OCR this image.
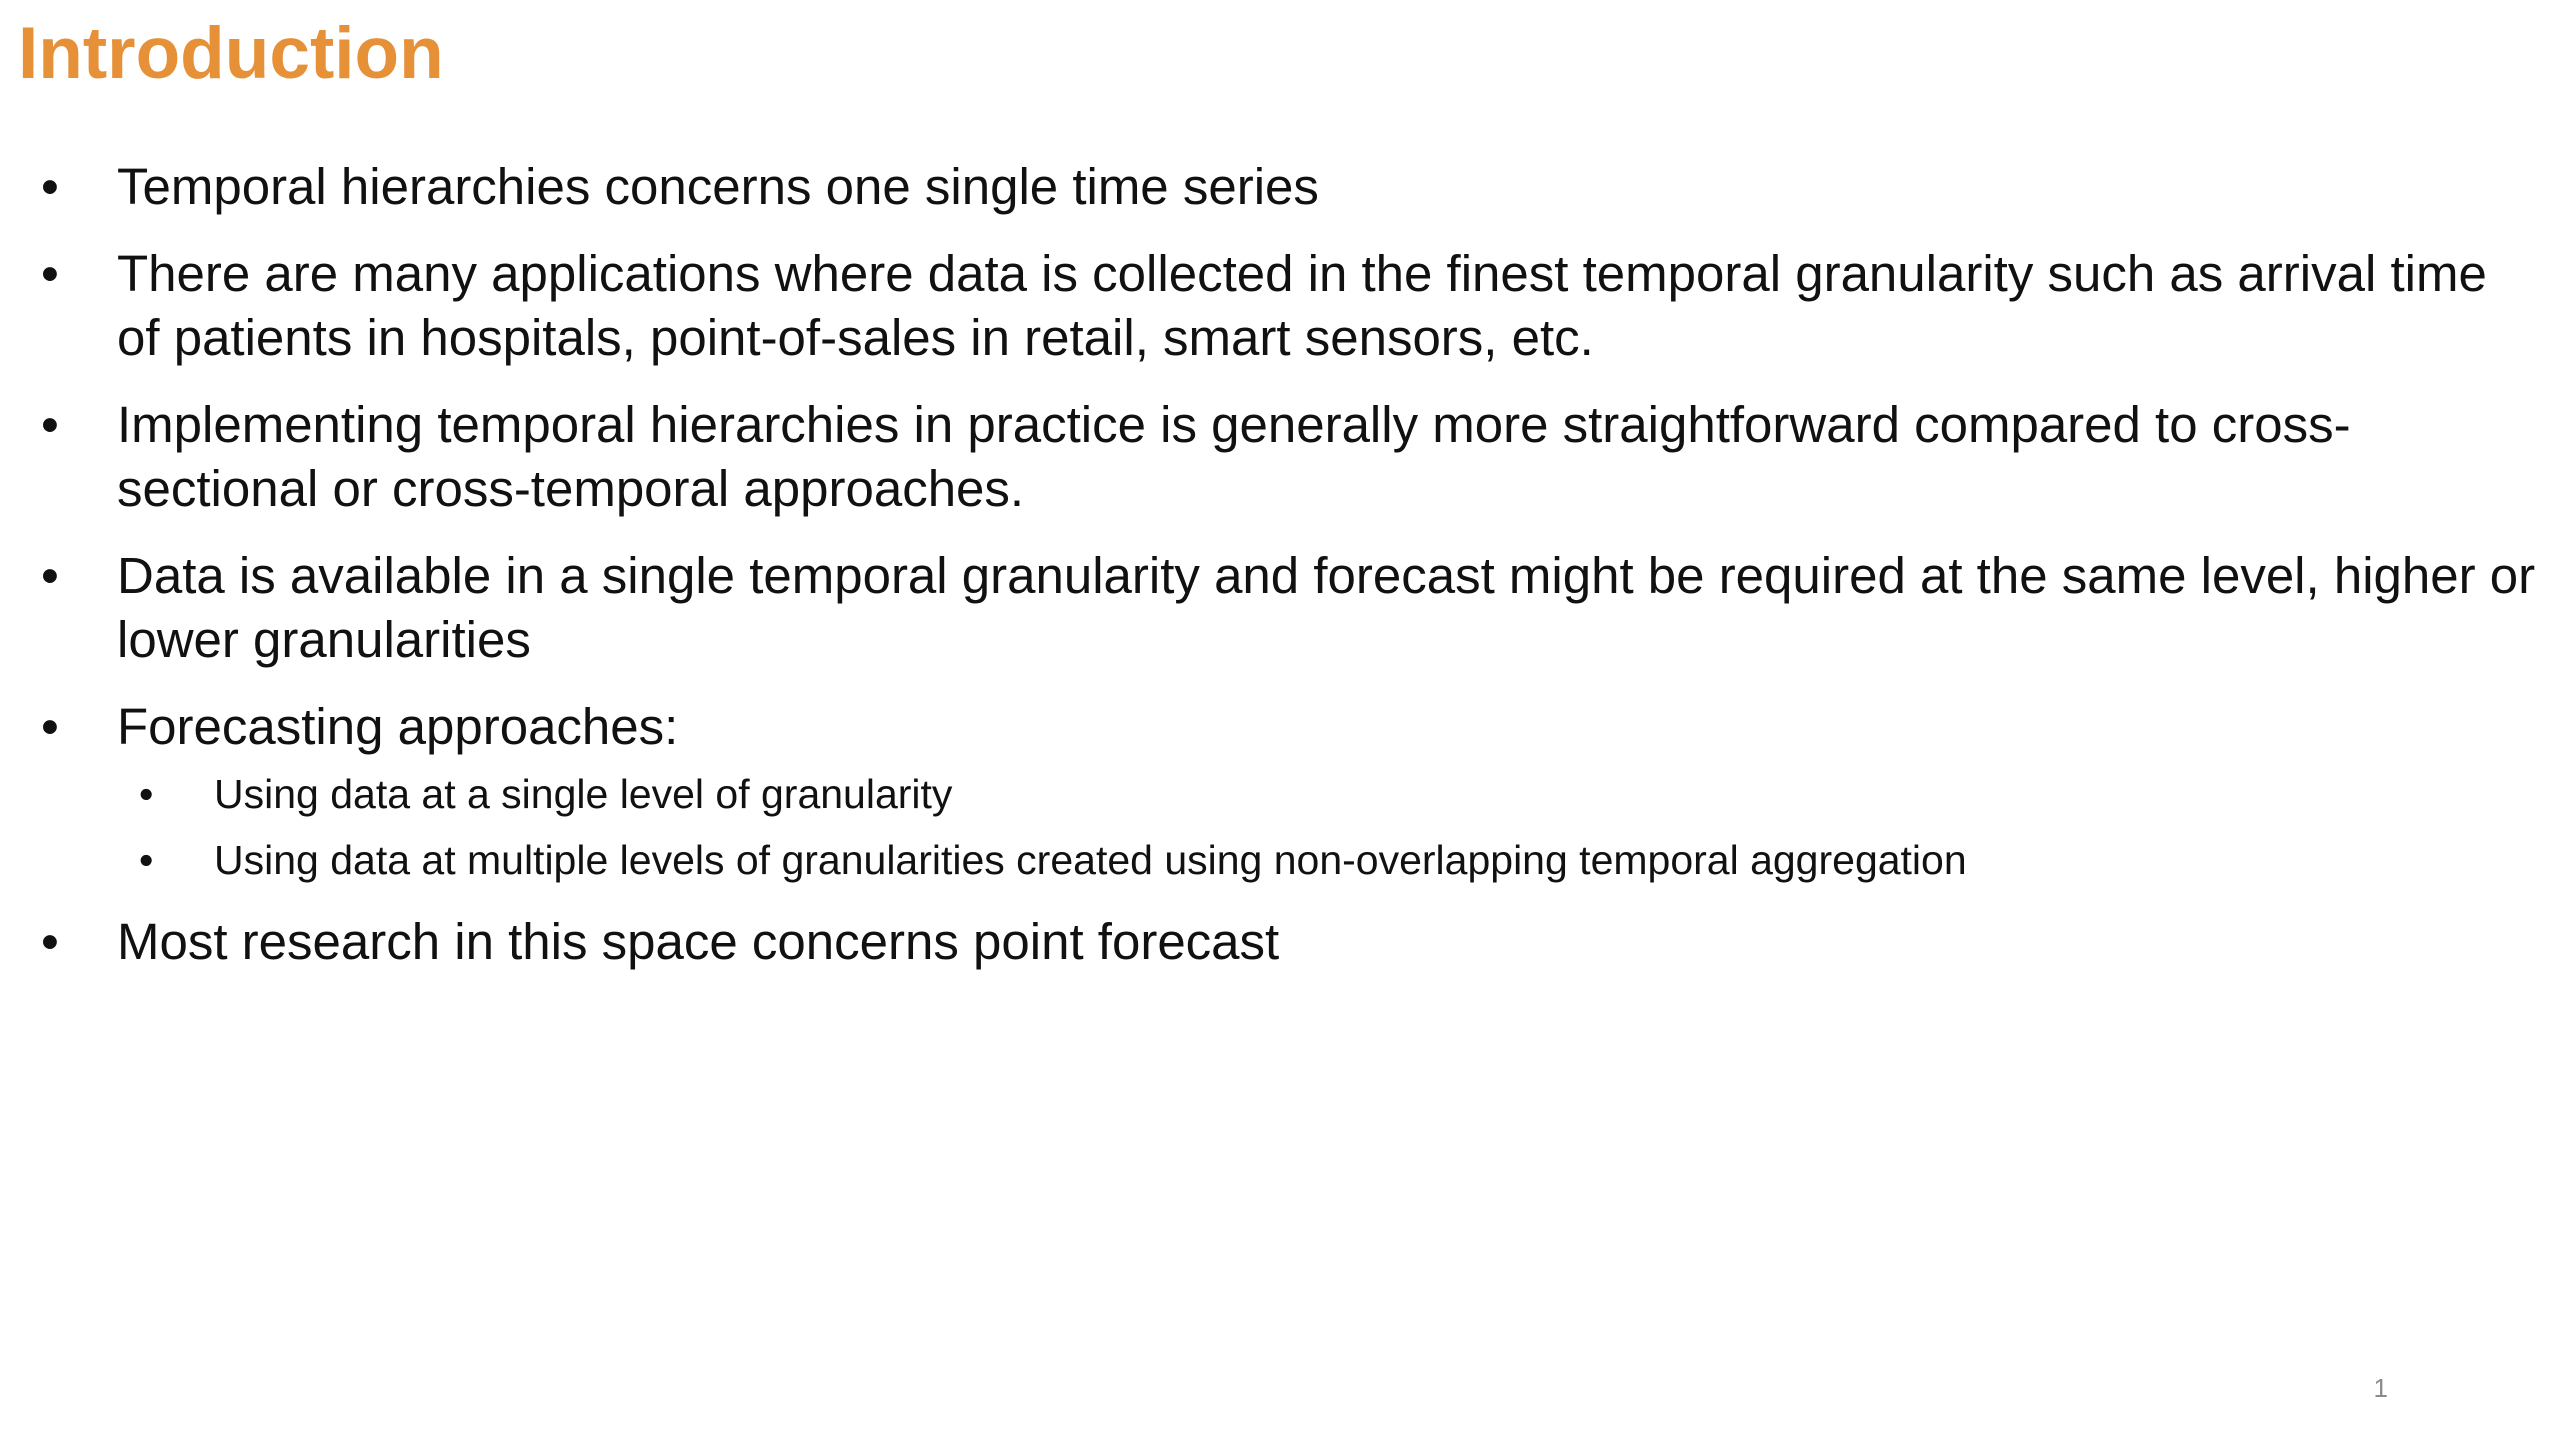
Introduction
• Temporal hierarchies concerns one single time series
• There are many applications where data is collected in the finest temporal granularity such as arrival time of patients in hospitals, point-of-sales in retail, smart sensors, etc.
• Implementing temporal hierarchies in practice is generally more straightforward compared to cross-sectional or cross-temporal approaches.
• Data is available in a single temporal granularity and forecast might be required at the same level, higher or lower granularities
• Forecasting approaches:
•	Using data at a single level of granularity
•	Using data at multiple levels of granularities created using non-overlapping temporal aggregation
• Most research in this space concerns point forecast
1
